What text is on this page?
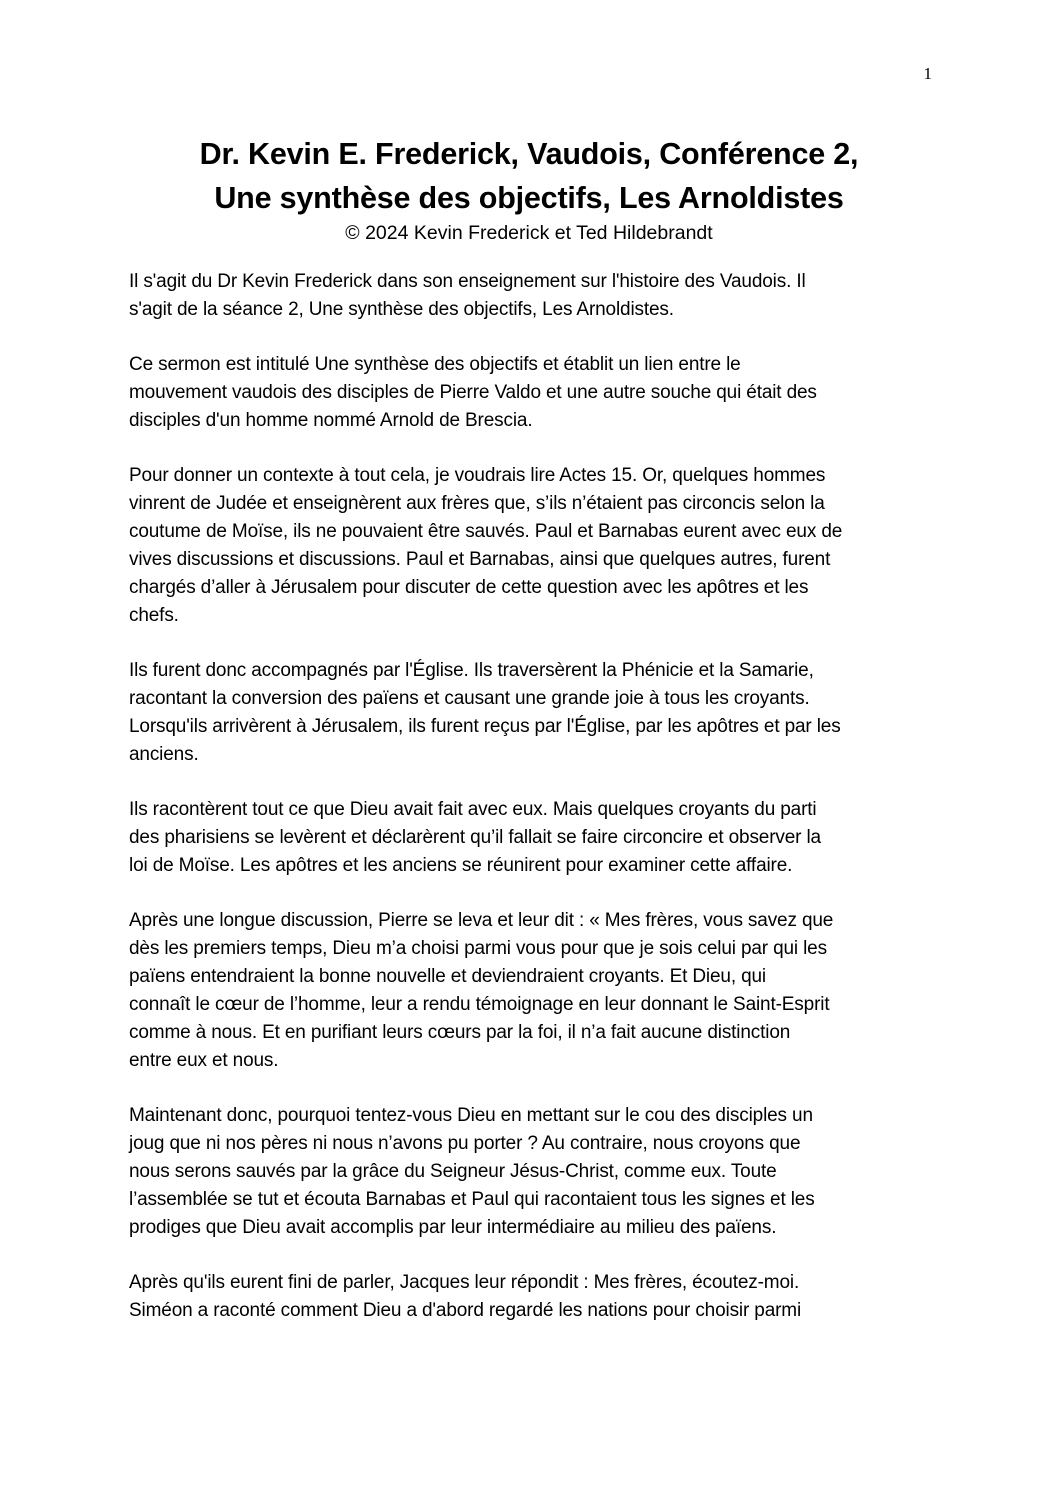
1
Dr. Kevin E. Frederick, Vaudois, Conférence 2,
Une synthèse des objectifs, Les Arnoldistes
© 2024 Kevin Frederick et Ted Hildebrandt
Il s'agit du Dr Kevin Frederick dans son enseignement sur l'histoire des Vaudois. Il
s'agit de la séance 2, Une synthèse des objectifs, Les Arnoldistes.
Ce sermon est intitulé Une synthèse des objectifs et établit un lien entre le
mouvement vaudois des disciples de Pierre Valdo et une autre souche qui était des
disciples d'un homme nommé Arnold de Brescia.
Pour donner un contexte à tout cela, je voudrais lire Actes 15. Or, quelques hommes
vinrent de Judée et enseignèrent aux frères que, s’ils n’étaient pas circoncis selon la
coutume de Moïse, ils ne pouvaient être sauvés. Paul et Barnabas eurent avec eux de
vives discussions et discussions. Paul et Barnabas, ainsi que quelques autres, furent
chargés d’aller à Jérusalem pour discuter de cette question avec les apôtres et les
chefs.
Ils furent donc accompagnés par l'Église. Ils traversèrent la Phénicie et la Samarie,
racontant la conversion des païens et causant une grande joie à tous les croyants.
Lorsqu'ils arrivèrent à Jérusalem, ils furent reçus par l'Église, par les apôtres et par les
anciens.
Ils racontèrent tout ce que Dieu avait fait avec eux. Mais quelques croyants du parti
des pharisiens se levèrent et déclarèrent qu’il fallait se faire circoncire et observer la
loi de Moïse. Les apôtres et les anciens se réunirent pour examiner cette affaire.
Après une longue discussion, Pierre se leva et leur dit : « Mes frères, vous savez que
dès les premiers temps, Dieu m’a choisi parmi vous pour que je sois celui par qui les
païens entendraient la bonne nouvelle et deviendraient croyants. Et Dieu, qui
connaît le cœur de l’homme, leur a rendu témoignage en leur donnant le Saint-Esprit
comme à nous. Et en purifiant leurs cœurs par la foi, il n’a fait aucune distinction
entre eux et nous.
Maintenant donc, pourquoi tentez-vous Dieu en mettant sur le cou des disciples un
joug que ni nos pères ni nous n’avons pu porter ? Au contraire, nous croyons que
nous serons sauvés par la grâce du Seigneur Jésus-Christ, comme eux. Toute
l’assemblée se tut et écouta Barnabas et Paul qui racontaient tous les signes et les
prodiges que Dieu avait accomplis par leur intermédiaire au milieu des païens.
Après qu'ils eurent fini de parler, Jacques leur répondit : Mes frères, écoutez-moi.
Siméon a raconté comment Dieu a d'abord regardé les nations pour choisir parmi
